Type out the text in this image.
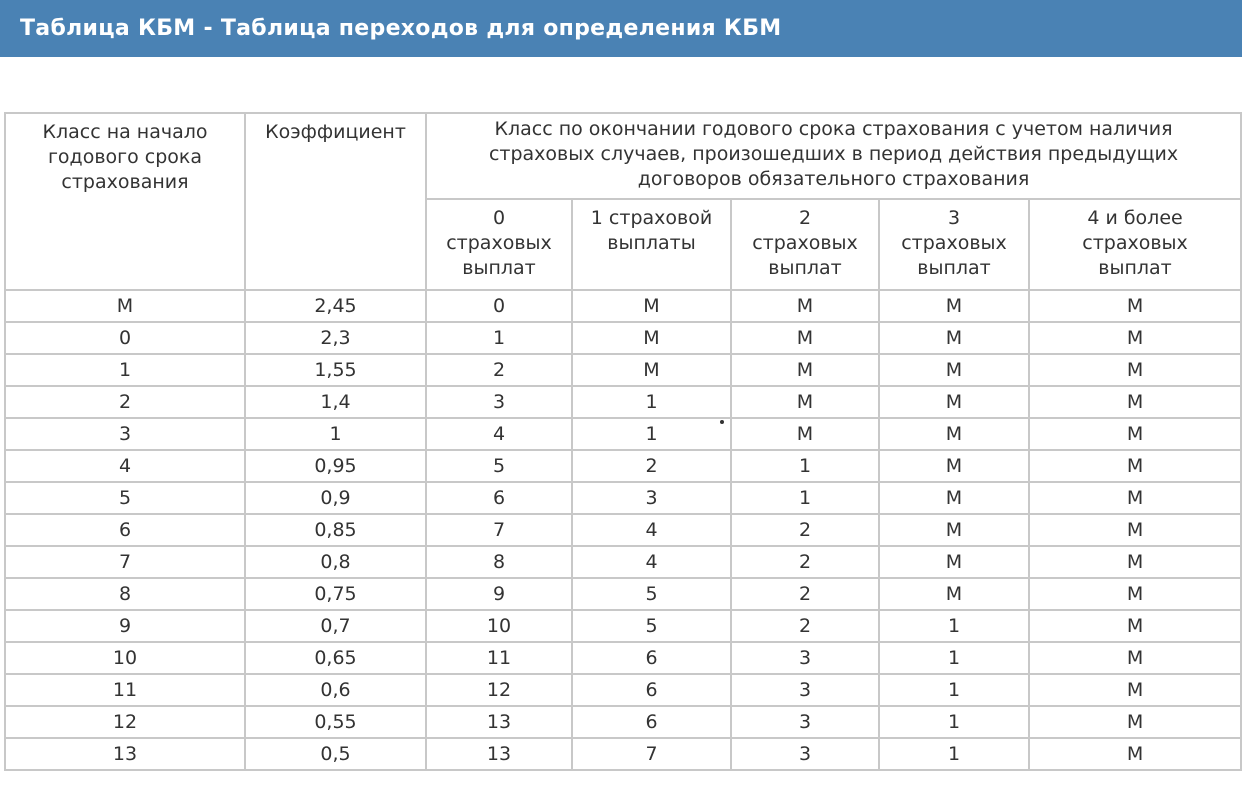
Таблица КБМ - Таблица переходов для определения КБМ
Класс на начало
годового срока
страхования	Коэффициент	Класс по окончании годового срока страхования с учетом наличия
страховых случаев, произошедших в период действия предыдущих
договоров обязательного страхования				
		0
страховых
выплат	1 страховой
выплаты	2
страховых
выплат	3
страховых
выплат	4 и более
страховых
выплат
М	2,45	0	М	М	М	М
0	2,3	1	М	М	М	М
1	1,55	2	М	М	М	М
2	1,4	3	1	М	М	М
3	1	4	1	М	М	М
4	0,95	5	2	1	М	М
5	0,9	6	3	1	М	М
6	0,85	7	4	2	М	М
7	0,8	8	4	2	М	М
8	0,75	9	5	2	М	М
9	0,7	10	5	2	1	М
10	0,65	11	6	3	1	М
11	0,6	12	6	3	1	М
12	0,55	13	6	3	1	М
13	0,5	13	7	3	1	М
